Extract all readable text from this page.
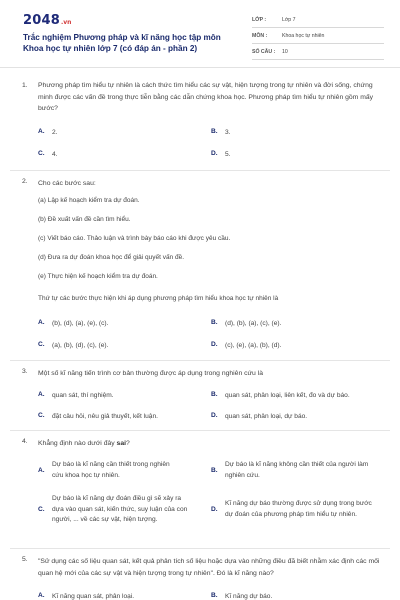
2048 .vn
Trắc nghiệm Phương pháp và kĩ năng học tập môn Khoa học tự nhiên lớp 7 (có đáp án - phần 2)
LỚP :	Lớp 7
MÔN :	Khoa học tự nhiên
SỐ CÂU :	10
1. Phương pháp tìm hiểu tự nhiên là cách thức tìm hiểu các sự vật, hiện tượng trong tự nhiên và đời sống, chứng minh được các vấn đề trong thực tiễn bằng các dẫn chứng khoa học. Phương pháp tìm hiểu tự nhiên gồm mấy bước?
A.	2.	B.	3.
C.	4.	D.	5.
2. Cho các bước sau:
(a) Lập kế hoạch kiểm tra dự đoán.
(b) Đề xuất vấn đề cần tìm hiểu.
(c) Viết báo cáo. Thảo luận và trình bày báo cáo khi được yêu cầu.
(d) Đưa ra dự đoán khoa học để giải quyết vấn đề.
(e) Thực hiện kế hoạch kiểm tra dự đoán.
Thứ tự các bước thực hiện khi áp dụng phương pháp tìm hiểu khoa học tự nhiên là
A.	(b), (d), (a), (e), (c).	B.	(d), (b), (a), (c), (e).
C.	(a), (b), (d), (c), (e).	D.	(c), (e), (a), (b), (d).
3. Một số kĩ năng tiến trình cơ bản thường được áp dụng trong nghiên cứu là
A.	quan sát, thí nghiệm.	B.	quan sát, phân loại, liên kết, đo và dự báo.
C.	đặt câu hỏi, nêu giả thuyết, kết luận.	D.	quan sát, phân loại, dự báo.
4. Khẳng định nào dưới đây sai?
A.
Dự báo là kĩ năng cần thiết trong nghiên cứu khoa học tự nhiên.
B.
Dự báo là kĩ năng không cần thiết của người làm nghiên cứu.
C.
Dự báo là kĩ năng dự đoán điều gì sẽ xảy ra dựa vào quan sát, kiến thức, suy luận của con người, ... về các sự vật, hiện tượng.
D.
Kĩ năng dự báo thường được sử dụng trong bước dự đoán của phương pháp tìm hiểu tự nhiên.
5. "Sử dụng các số liệu quan sát, kết quả phân tích số liệu hoặc dựa vào những điều đã biết nhằm xác định các mối quan hệ mới của các sự vật và hiện tượng trong tự nhiên". Đó là kĩ năng nào?
A.	Kĩ năng quan sát, phân loại.	B.	Kĩ năng dự báo.
